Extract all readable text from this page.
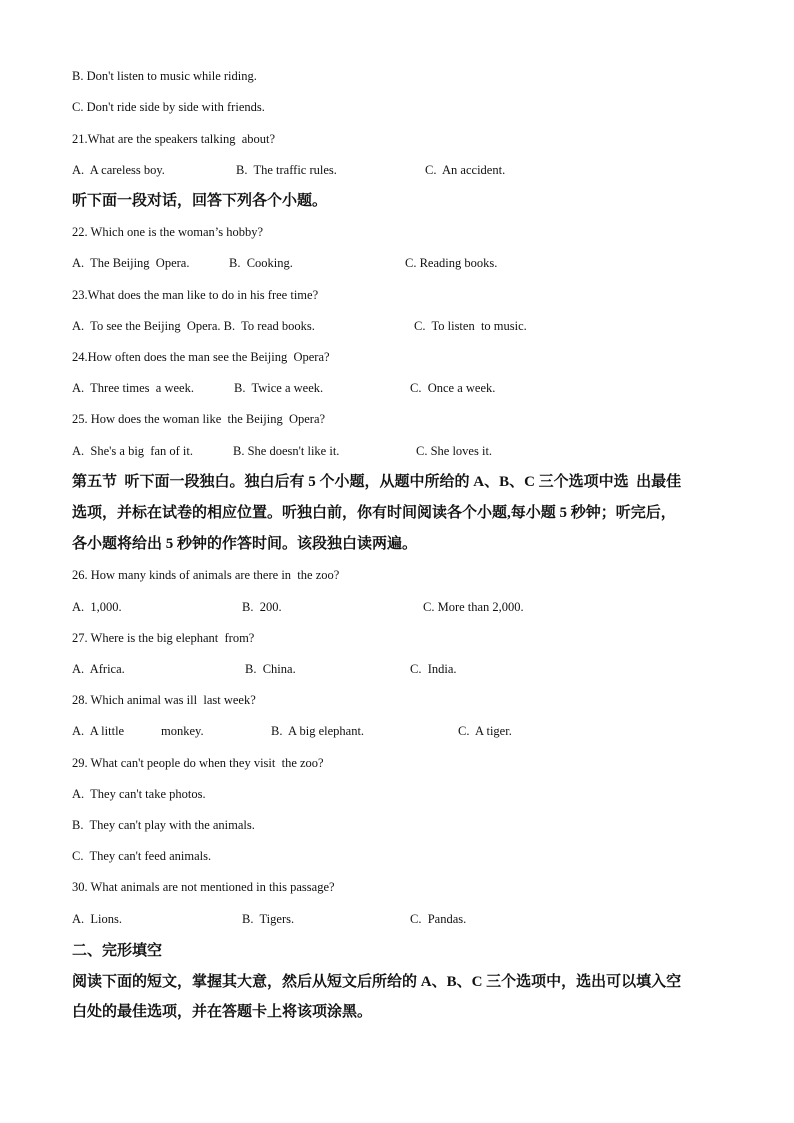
B. Don't listen to music while riding.
C. Don't ride side by side with friends.
21.What are the speakers talking  about?
A.  A careless boy.	B.  The traffic rules.	C.  An accident.
听下面一段对话，回答下列各个小题。
22. Which one is the woman’s hobby?
A.  The Beijing  Opera.	B.  Cooking.	C. Reading books.
23.What does the man like to do in his free time?
A.  To see the Beijing  Opera. B.  To read books.	C.  To listen  to music.
24.How often does the man see the Beijing  Opera?
A.  Three times  a week.	B.  Twice a week.	C.  Once a week.
25. How does the woman like  the Beijing  Opera?
A.  She's a big  fan of it.	B. She doesn't like it.	C. She loves it.
第五节  听下面一段独白。独白后有 5 个小题，从题中所给的 A、B、C 三个选项中选  出最佳
选项，并标在试卷的相应位置。听独白前，你有时间阅读各个小题,每小题 5 秒钟；听完后，
各小题将给出 5 秒钟的作答时间。该段独白读两遍。
26. How many kinds of animals are there in  the zoo?
A.  1,000.	B.  200.	C. More than 2,000.
27. Where is the big elephant  from?
A.  Africa.	B.  China.	C.  India.
28. Which animal was ill  last week?
A.  A little	monkey.	B.  A big elephant.	C.  A tiger.
29. What can't people do when they visit  the zoo?
A.  They can't take photos.
B.  They can't play with the animals.
C.  They can't feed animals.
30. What animals are not mentioned in this passage?
A.  Lions.	B.  Tigers.	C.  Pandas.
二、完形填空
阅读下面的短文，掌握其大意，然后从短文后所给的 A、B、C 三个选项中，选出可以填入空
白处的最佳选项，并在答题卡上将该项涂黑。
